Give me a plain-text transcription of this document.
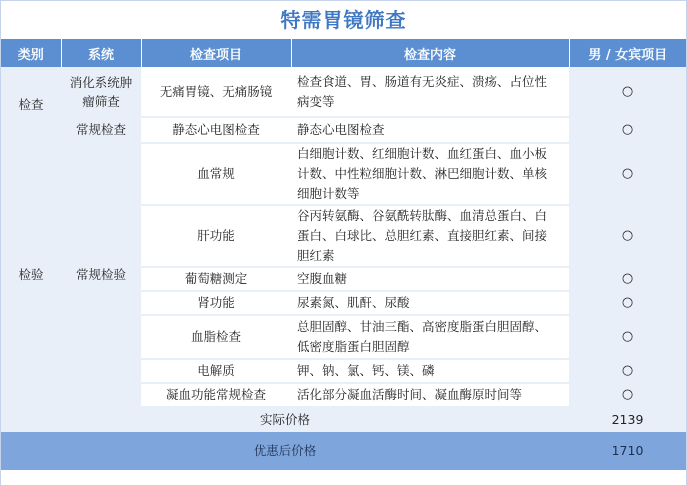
特需胃镜筛查
类别	系统	检查项目	检查内容	男 / 女宾项目
检查	消化系统肿瘤筛查	无痛胃镜、无痛肠镜	检查食道、胃、肠道有无炎症、溃疡、占位性病变等	○
	常规检查	静态心电图检查	静态心电图检查	○
检验	常规检验	血常规	白细胞计数、红细胞计数、血红蛋白、血小板计数、中性粒细胞计数、淋巴细胞计数、单核细胞计数等	○
		肝功能	谷丙转氨酶、谷氨酰转肽酶、血清总蛋白、白蛋白、白球比、总胆红素、直接胆红素、间接胆红素	○
		葡萄糖测定	空腹血糖	○
		肾功能	尿素氮、肌酐、尿酸	○
		血脂检查	总胆固醇、甘油三酯、高密度脂蛋白胆固醇、低密度脂蛋白胆固醇	○
		电解质	钾、钠、氯、钙、镁、磷	○
		凝血功能常规检查	活化部分凝血活酶时间、凝血酶原时间等	○
实际价格				2139
优惠后价格				1710
